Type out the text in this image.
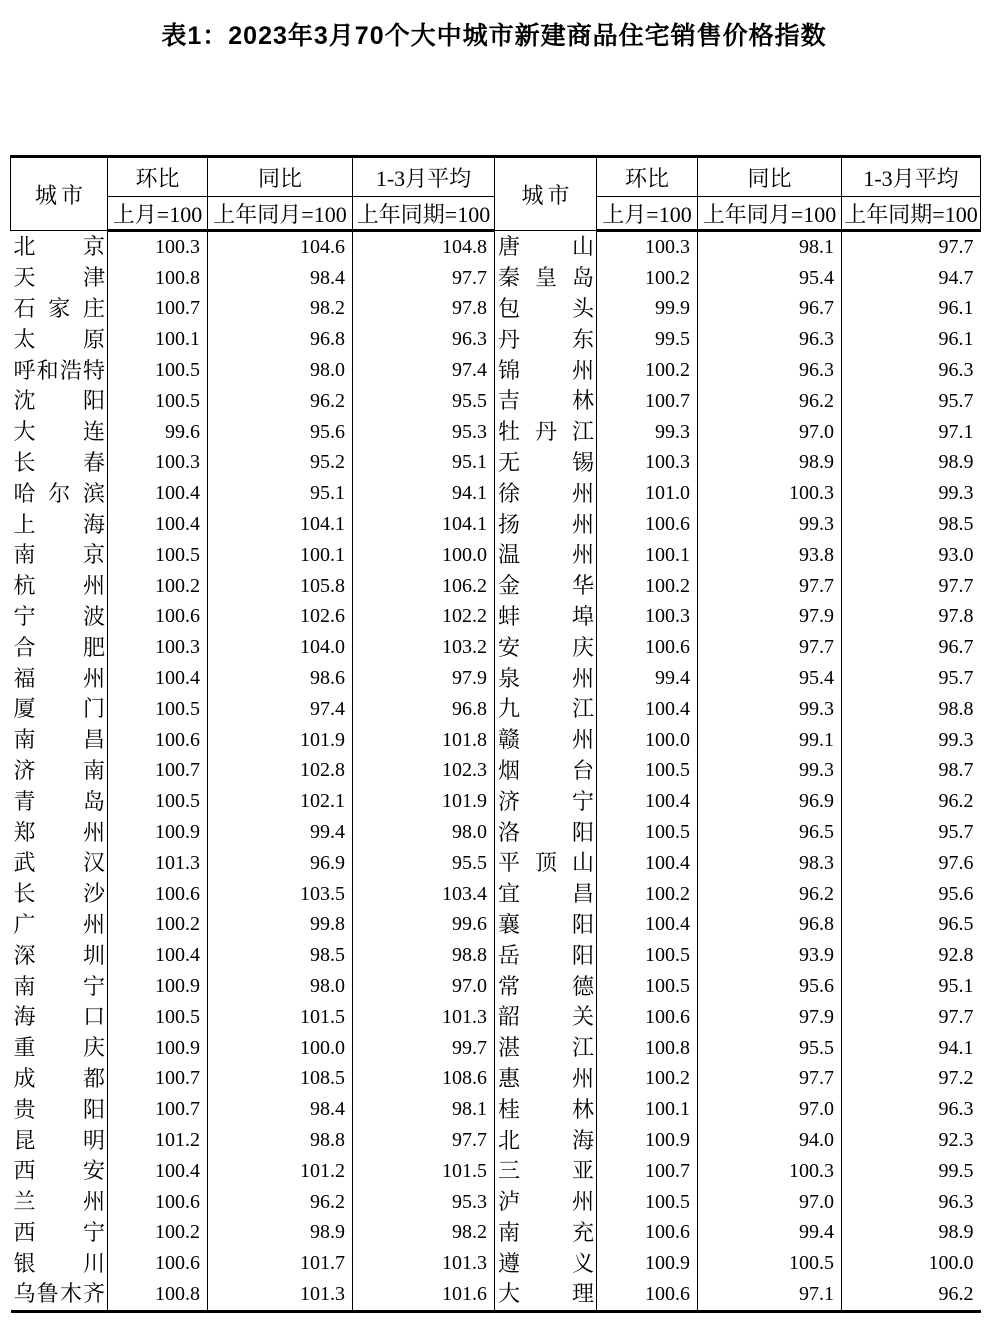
表1：2023年3月70个大中城市新建商品住宅销售价格指数
城市	环比	同比	1-3月平均	城市	环比	同比	1-3月平均
	上月=100	上年同月=100	上年同期=100		上月=100	上年同月=100	上年同期=100

北 京	100.3	104.6	104.8	唐 山	100.3	98.1	97.7

天 津	100.8	98.4	97.7	秦 皇 岛	100.2	95.4	94.7

石 家 庄	100.7	98.2	97.8	包 头	99.9	96.7	96.1

太 原	100.1	96.8	96.3	丹 东	99.5	96.3	96.1

呼 和 浩 特	100.5	98.0	97.4	锦 州	100.2	96.3	96.3

沈 阳	100.5	96.2	95.5	吉 林	100.7	96.2	95.7

大 连	99.6	95.6	95.3	牡 丹 江	99.3	97.0	97.1

长 春	100.3	95.2	95.1	无 锡	100.3	98.9	98.9

哈 尔 滨	100.4	95.1	94.1	徐 州	101.0	100.3	99.3

上 海	100.4	104.1	104.1	扬 州	100.6	99.3	98.5

南 京	100.5	100.1	100.0	温 州	100.1	93.8	93.0

杭 州	100.2	105.8	106.2	金 华	100.2	97.7	97.7

宁 波	100.6	102.6	102.2	蚌 埠	100.3	97.9	97.8

合 肥	100.3	104.0	103.2	安 庆	100.6	97.7	96.7

福 州	100.4	98.6	97.9	泉 州	99.4	95.4	95.7

厦 门	100.5	97.4	96.8	九 江	100.4	99.3	98.8

南 昌	100.6	101.9	101.8	赣 州	100.0	99.1	99.3

济 南	100.7	102.8	102.3	烟 台	100.5	99.3	98.7

青 岛	100.5	102.1	101.9	济 宁	100.4	96.9	96.2

郑 州	100.9	99.4	98.0	洛 阳	100.5	96.5	95.7

武 汉	101.3	96.9	95.5	平 顶 山	100.4	98.3	97.6

长 沙	100.6	103.5	103.4	宜 昌	100.2	96.2	95.6

广 州	100.2	99.8	99.6	襄 阳	100.4	96.8	96.5

深 圳	100.4	98.5	98.8	岳 阳	100.5	93.9	92.8

南 宁	100.9	98.0	97.0	常 德	100.5	95.6	95.1

海 口	100.5	101.5	101.3	韶 关	100.6	97.9	97.7

重 庆	100.9	100.0	99.7	湛 江	100.8	95.5	94.1

成 都	100.7	108.5	108.6	惠 州	100.2	97.7	97.2

贵 阳	100.7	98.4	98.1	桂 林	100.1	97.0	96.3

昆 明	101.2	98.8	97.7	北 海	100.9	94.0	92.3

西 安	100.4	101.2	101.5	三 亚	100.7	100.3	99.5

兰 州	100.6	96.2	95.3	泸 州	100.5	97.0	96.3

西 宁	100.2	98.9	98.2	南 充	100.6	99.4	98.9

银 川	100.6	101.7	101.3	遵 义	100.9	100.5	100.0

乌 鲁 木 齐	100.8	101.3	101.6	大 理	100.6	97.1	96.2
